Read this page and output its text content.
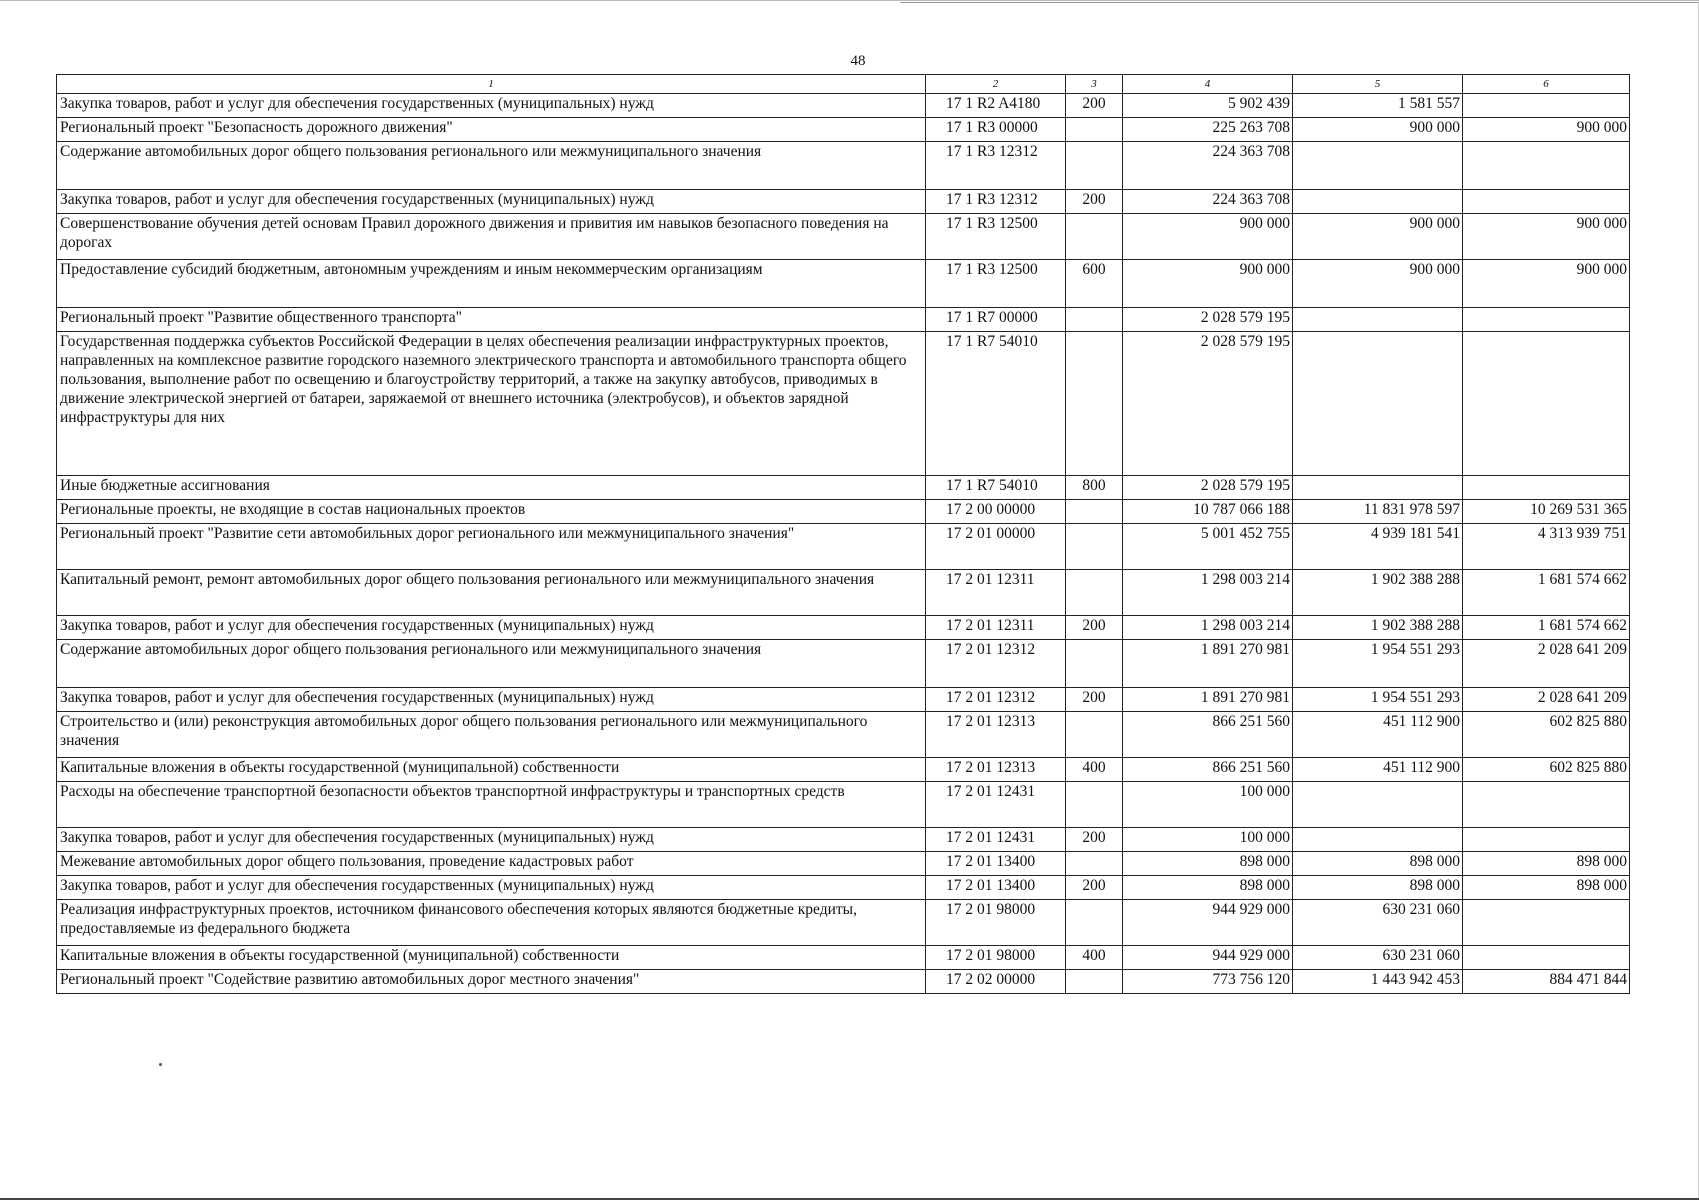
48
1	2	3	4	5	6
Закупка товаров, работ и услуг для обеспечения государственных (муниципальных) нужд	17 1 R2 A4180	200	5 902 439	1 581 557	
Региональный проект "Безопасность дорожного движения"	17 1 R3 00000		225 263 708	900 000	900 000
Содержание автомобильных дорог общего пользования регионального или межмуниципального значения	17 1 R3 12312		224 363 708		
Закупка товаров, работ и услуг для обеспечения государственных (муниципальных) нужд	17 1 R3 12312	200	224 363 708		
Совершенствование обучения детей основам Правил дорожного движения и привития им навыков безопасного поведения на дорогах	17 1 R3 12500		900 000	900 000	900 000
Предоставление субсидий бюджетным, автономным учреждениям и иным некоммерческим организациям	17 1 R3 12500	600	900 000	900 000	900 000
Региональный проект "Развитие общественного транспорта"	17 1 R7 00000		2 028 579 195		
Государственная поддержка субъектов Российской Федерации в целях обеспечения реализации инфраструктурных проектов, направленных на комплексное развитие городского наземного электрического транспорта и автомобильного транспорта общего пользования, выполнение работ по освещению и благоустройству территорий, а также на закупку автобусов, приводимых в движение электрической энергией от батареи, заряжаемой от внешнего источника (электробусов), и объектов зарядной инфраструктуры для них	17 1 R7 54010		2 028 579 195		
Иные бюджетные ассигнования	17 1 R7 54010	800	2 028 579 195		
Региональные проекты, не входящие в состав национальных проектов	17 2 00 00000		10 787 066 188	11 831 978 597	10 269 531 365
Региональный проект "Развитие сети автомобильных дорог регионального или межмуниципального значения"	17 2 01 00000		5 001 452 755	4 939 181 541	4 313 939 751
Капитальный ремонт, ремонт автомобильных дорог общего пользования регионального или межмуниципального значения	17 2 01 12311		1 298 003 214	1 902 388 288	1 681 574 662
Закупка товаров, работ и услуг для обеспечения государственных (муниципальных) нужд	17 2 01 12311	200	1 298 003 214	1 902 388 288	1 681 574 662
Содержание автомобильных дорог общего пользования регионального или межмуниципального значения	17 2 01 12312		1 891 270 981	1 954 551 293	2 028 641 209
Закупка товаров, работ и услуг для обеспечения государственных (муниципальных) нужд	17 2 01 12312	200	1 891 270 981	1 954 551 293	2 028 641 209
Строительство и (или) реконструкция автомобильных дорог общего пользования регионального или межмуниципального значения	17 2 01 12313		866 251 560	451 112 900	602 825 880
Капитальные вложения в объекты государственной (муниципальной) собственности	17 2 01 12313	400	866 251 560	451 112 900	602 825 880
Расходы на обеспечение транспортной безопасности объектов транспортной инфраструктуры и транспортных средств	17 2 01 12431		100 000		
Закупка товаров, работ и услуг для обеспечения государственных (муниципальных) нужд	17 2 01 12431	200	100 000		
Межевание автомобильных дорог общего пользования, проведение кадастровых работ	17 2 01 13400		898 000	898 000	898 000
Закупка товаров, работ и услуг для обеспечения государственных (муниципальных) нужд	17 2 01 13400	200	898 000	898 000	898 000
Реализация инфраструктурных проектов, источником финансового обеспечения которых являются бюджетные кредиты, предоставляемые из федерального бюджета	17 2 01 98000		944 929 000	630 231 060	
Капитальные вложения в объекты государственной (муниципальной) собственности	17 2 01 98000	400	944 929 000	630 231 060	
Региональный проект "Содействие развитию автомобильных дорог местного значения"	17 2 02 00000		773 756 120	1 443 942 453	884 471 844
